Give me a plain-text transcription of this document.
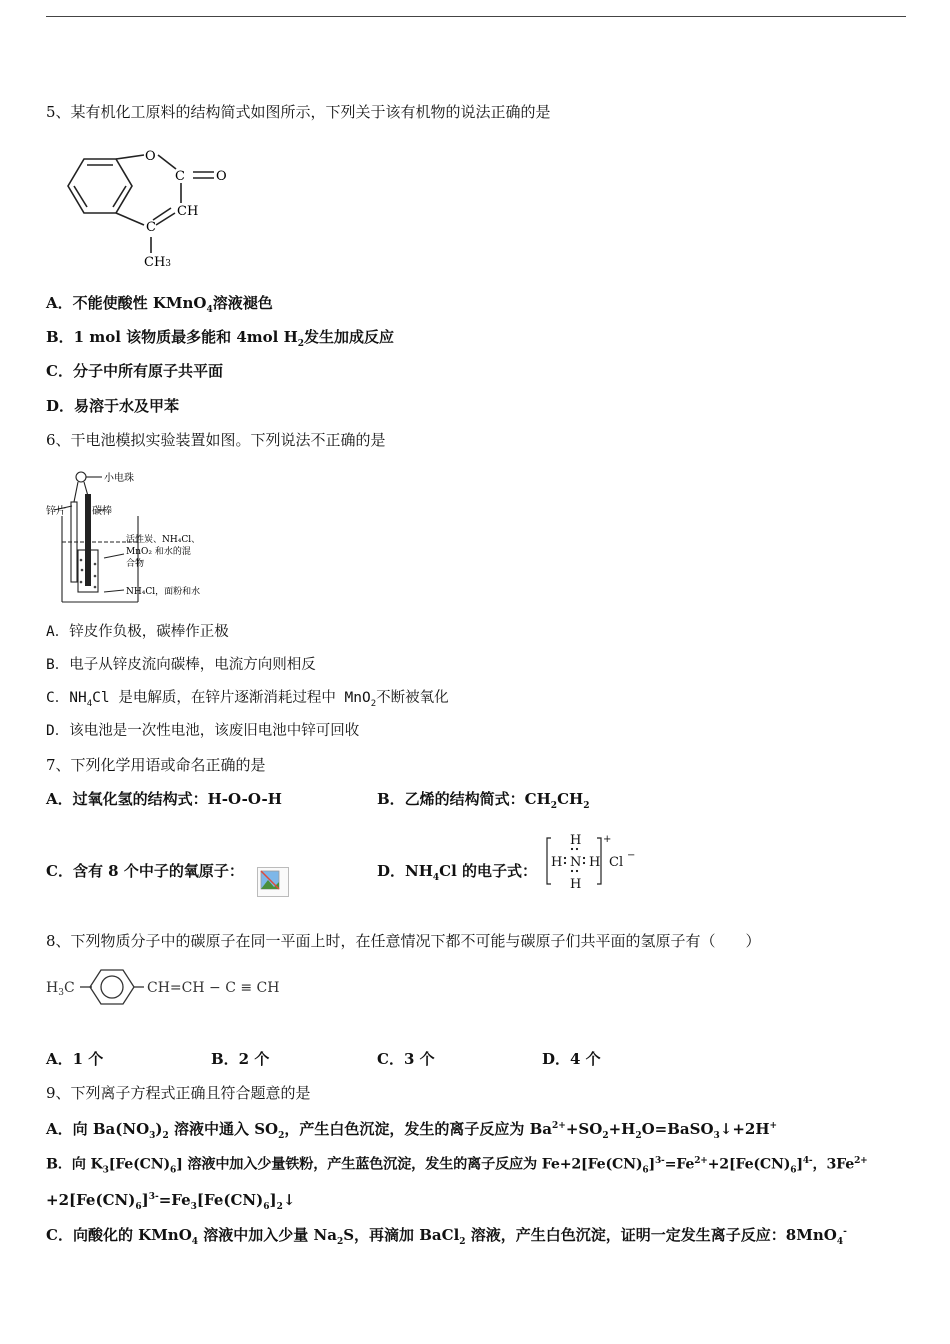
5、某有机化工原料的结构简式如图所示，下列关于该有机物的说法正确的是
O
C O
CH
C
CH3
A．不能使酸性 KMnO$_4$溶液褪色
B．1 mol 该物质最多能和 4mol $H_2$发生加成反应
C．分子中所有原子共平面
D．易溶于水及甲苯
6、干电池模拟实验装置如图。下列说法不正确的是
小电珠
锌片	碳棒
活性炭、NH₄Cl、
MnO₂ 和水的混
合物
NH₄Cl，面粉和水
A．锌皮作负极，碳棒作正极
B．电子从锌皮流向碳棒，电流方向则相反
C．$NH_4Cl$ 是电解质，在锌片逐渐消耗过程中 MnO$_2$不断被氧化
D．该电池是一次性电池，该废旧电池中锌可回收
7、下列化学用语或命名正确的是
A．过氧化氢的结构式：H-O-O-H	B．乙烯的结构简式：$CH_2CH_2$
C．含有 8 个中子的氧原子：	D．$NH_4Cl$ 的电子式：
H
H N H
H
+
Cl −
8、下列物质分子中的碳原子在同一平面上时，在任意情况下都不可能与碳原子们共平面的氢原子有（　　）
$H_3C$	CH=CH − C ≡ CH
A．1 个	B．2 个	C．3 个	D．4 个
9、下列离子方程式正确且符合题意的是
A．向 $Ba(NO_3)_2$ 溶液中通入 $SO_2$，产生白色沉淀，发生的离子反应为 $Ba^{2+}+SO_2+H_2O=BaSO_3↓+2H^+$
B．向 $K_3[Fe(CN)_6]$ 溶液中加入少量铁粉，产生蓝色沉淀，发生的离子反应为 $Fe+2[Fe(CN)_6]^{3-}=Fe^{2+}+2[Fe(CN)_6]^{4-}$，$3Fe^{2+}$
$+2[Fe(CN)_6]^{3-}=Fe_3[Fe(CN)_6]_2↓$
C．向酸化的 KMnO$_4$ 溶液中加入少量 $Na_2S$，再滴加 BaCl$_2$ 溶液，产生白色沉淀，证明一定发生离子反应：8MnO$_4$-
